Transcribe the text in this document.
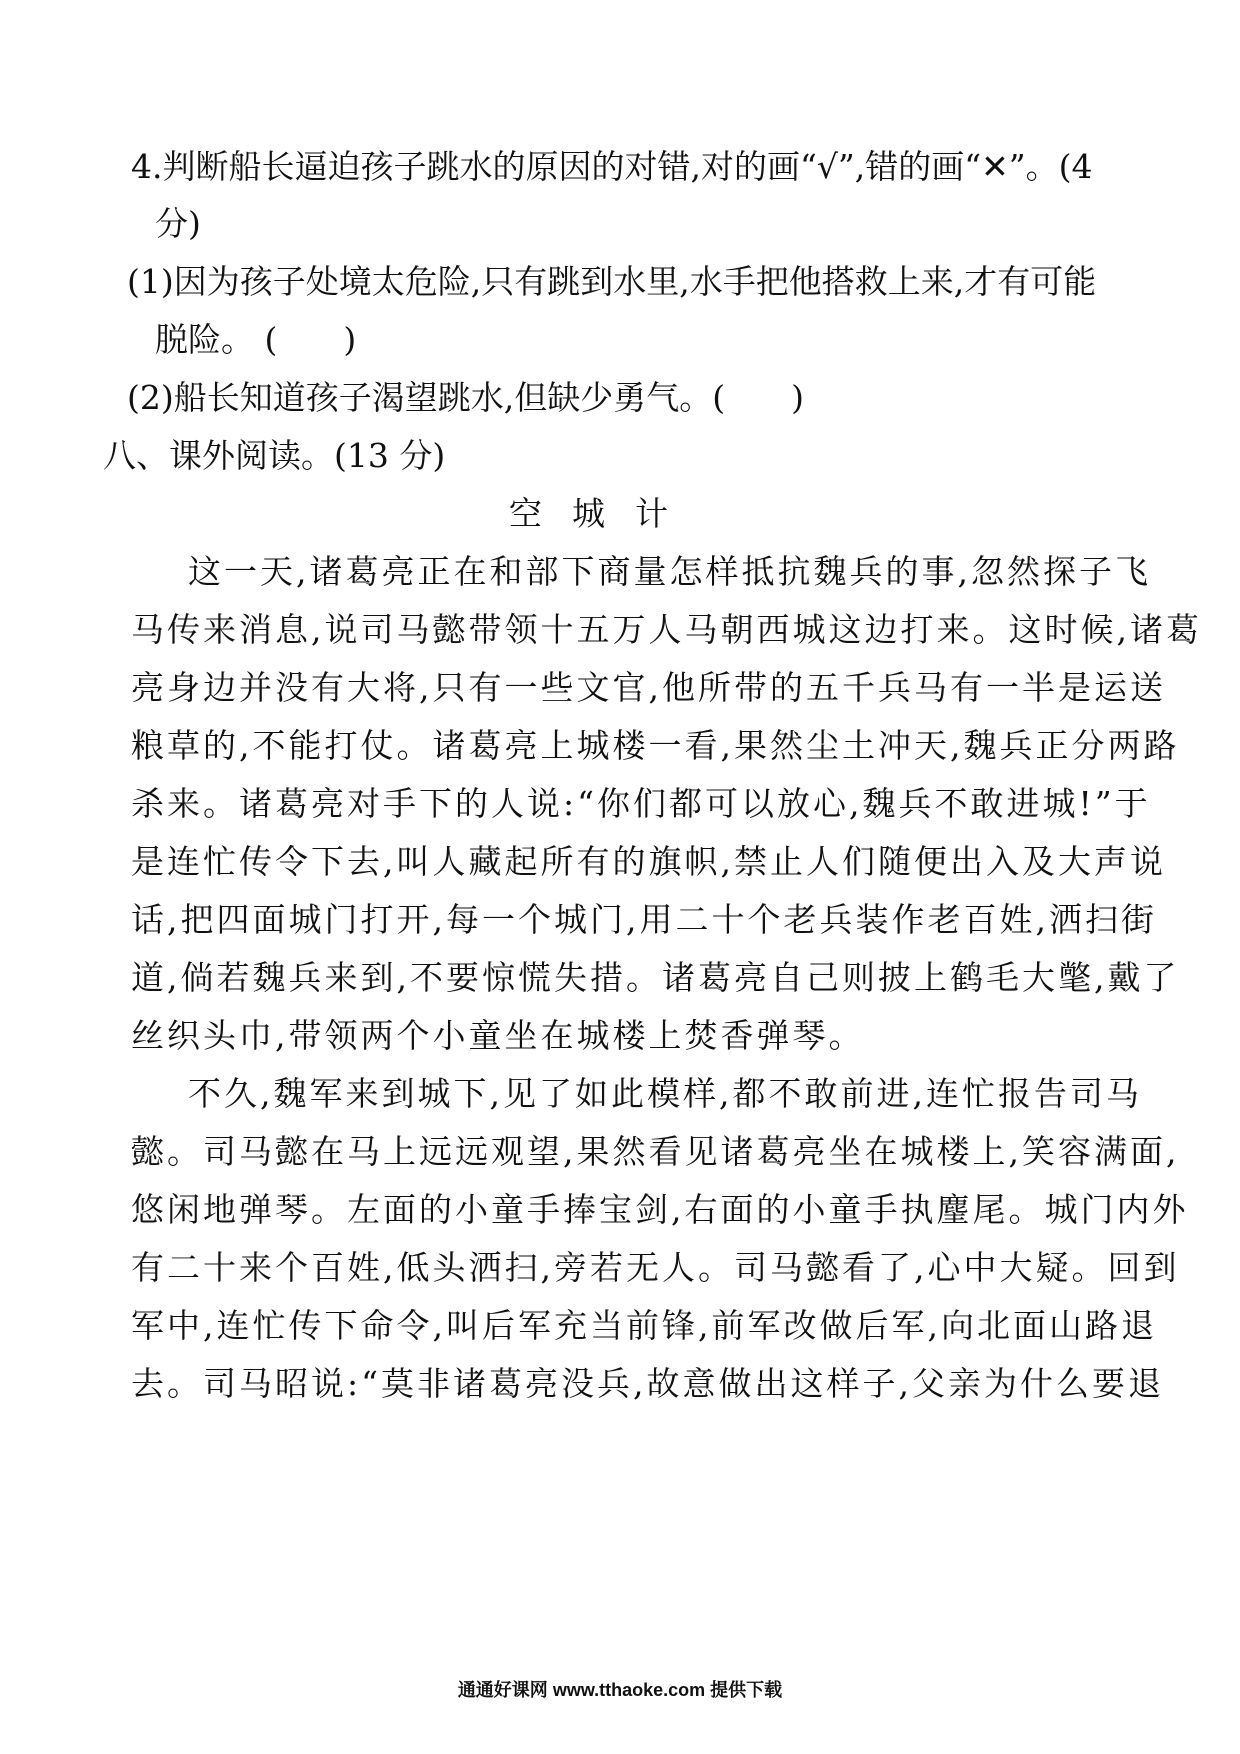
4.判断船长逼迫孩子跳水的原因的对错,对的画“√”,错的画“✕”。(4
分)
(1)因为孩子处境太危险,只有跳到水里,水手把他搭救上来,才有可能
脱险。 (　　)
(2)船长知道孩子渴望跳水,但缺少勇气。(　　)
八、课外阅读。(13 分)
空城计
这一天,诸葛亮正在和部下商量怎样抵抗魏兵的事,忽然探子飞
马传来消息,说司马懿带领十五万人马朝西城这边打来。这时候,诸葛
亮身边并没有大将,只有一些文官,他所带的五千兵马有一半是运送
粮草的,不能打仗。诸葛亮上城楼一看,果然尘土冲天,魏兵正分两路
杀来。诸葛亮对手下的人说:“你们都可以放心,魏兵不敢进城!”于
是连忙传令下去,叫人藏起所有的旗帜,禁止人们随便出入及大声说
话,把四面城门打开,每一个城门,用二十个老兵装作老百姓,洒扫街
道,倘若魏兵来到,不要惊慌失措。诸葛亮自己则披上鹤毛大氅,戴了
丝织头巾,带领两个小童坐在城楼上焚香弹琴。
不久,魏军来到城下,见了如此模样,都不敢前进,连忙报告司马
懿。司马懿在马上远远观望,果然看见诸葛亮坐在城楼上,笑容满面,
悠闲地弹琴。左面的小童手捧宝剑,右面的小童手执麈尾。城门内外
有二十来个百姓,低头洒扫,旁若无人。司马懿看了,心中大疑。回到
军中,连忙传下命令,叫后军充当前锋,前军改做后军,向北面山路退
去。司马昭说:“莫非诸葛亮没兵,故意做出这样子,父亲为什么要退
通通好课网 www.tthaoke.com 提供下载
